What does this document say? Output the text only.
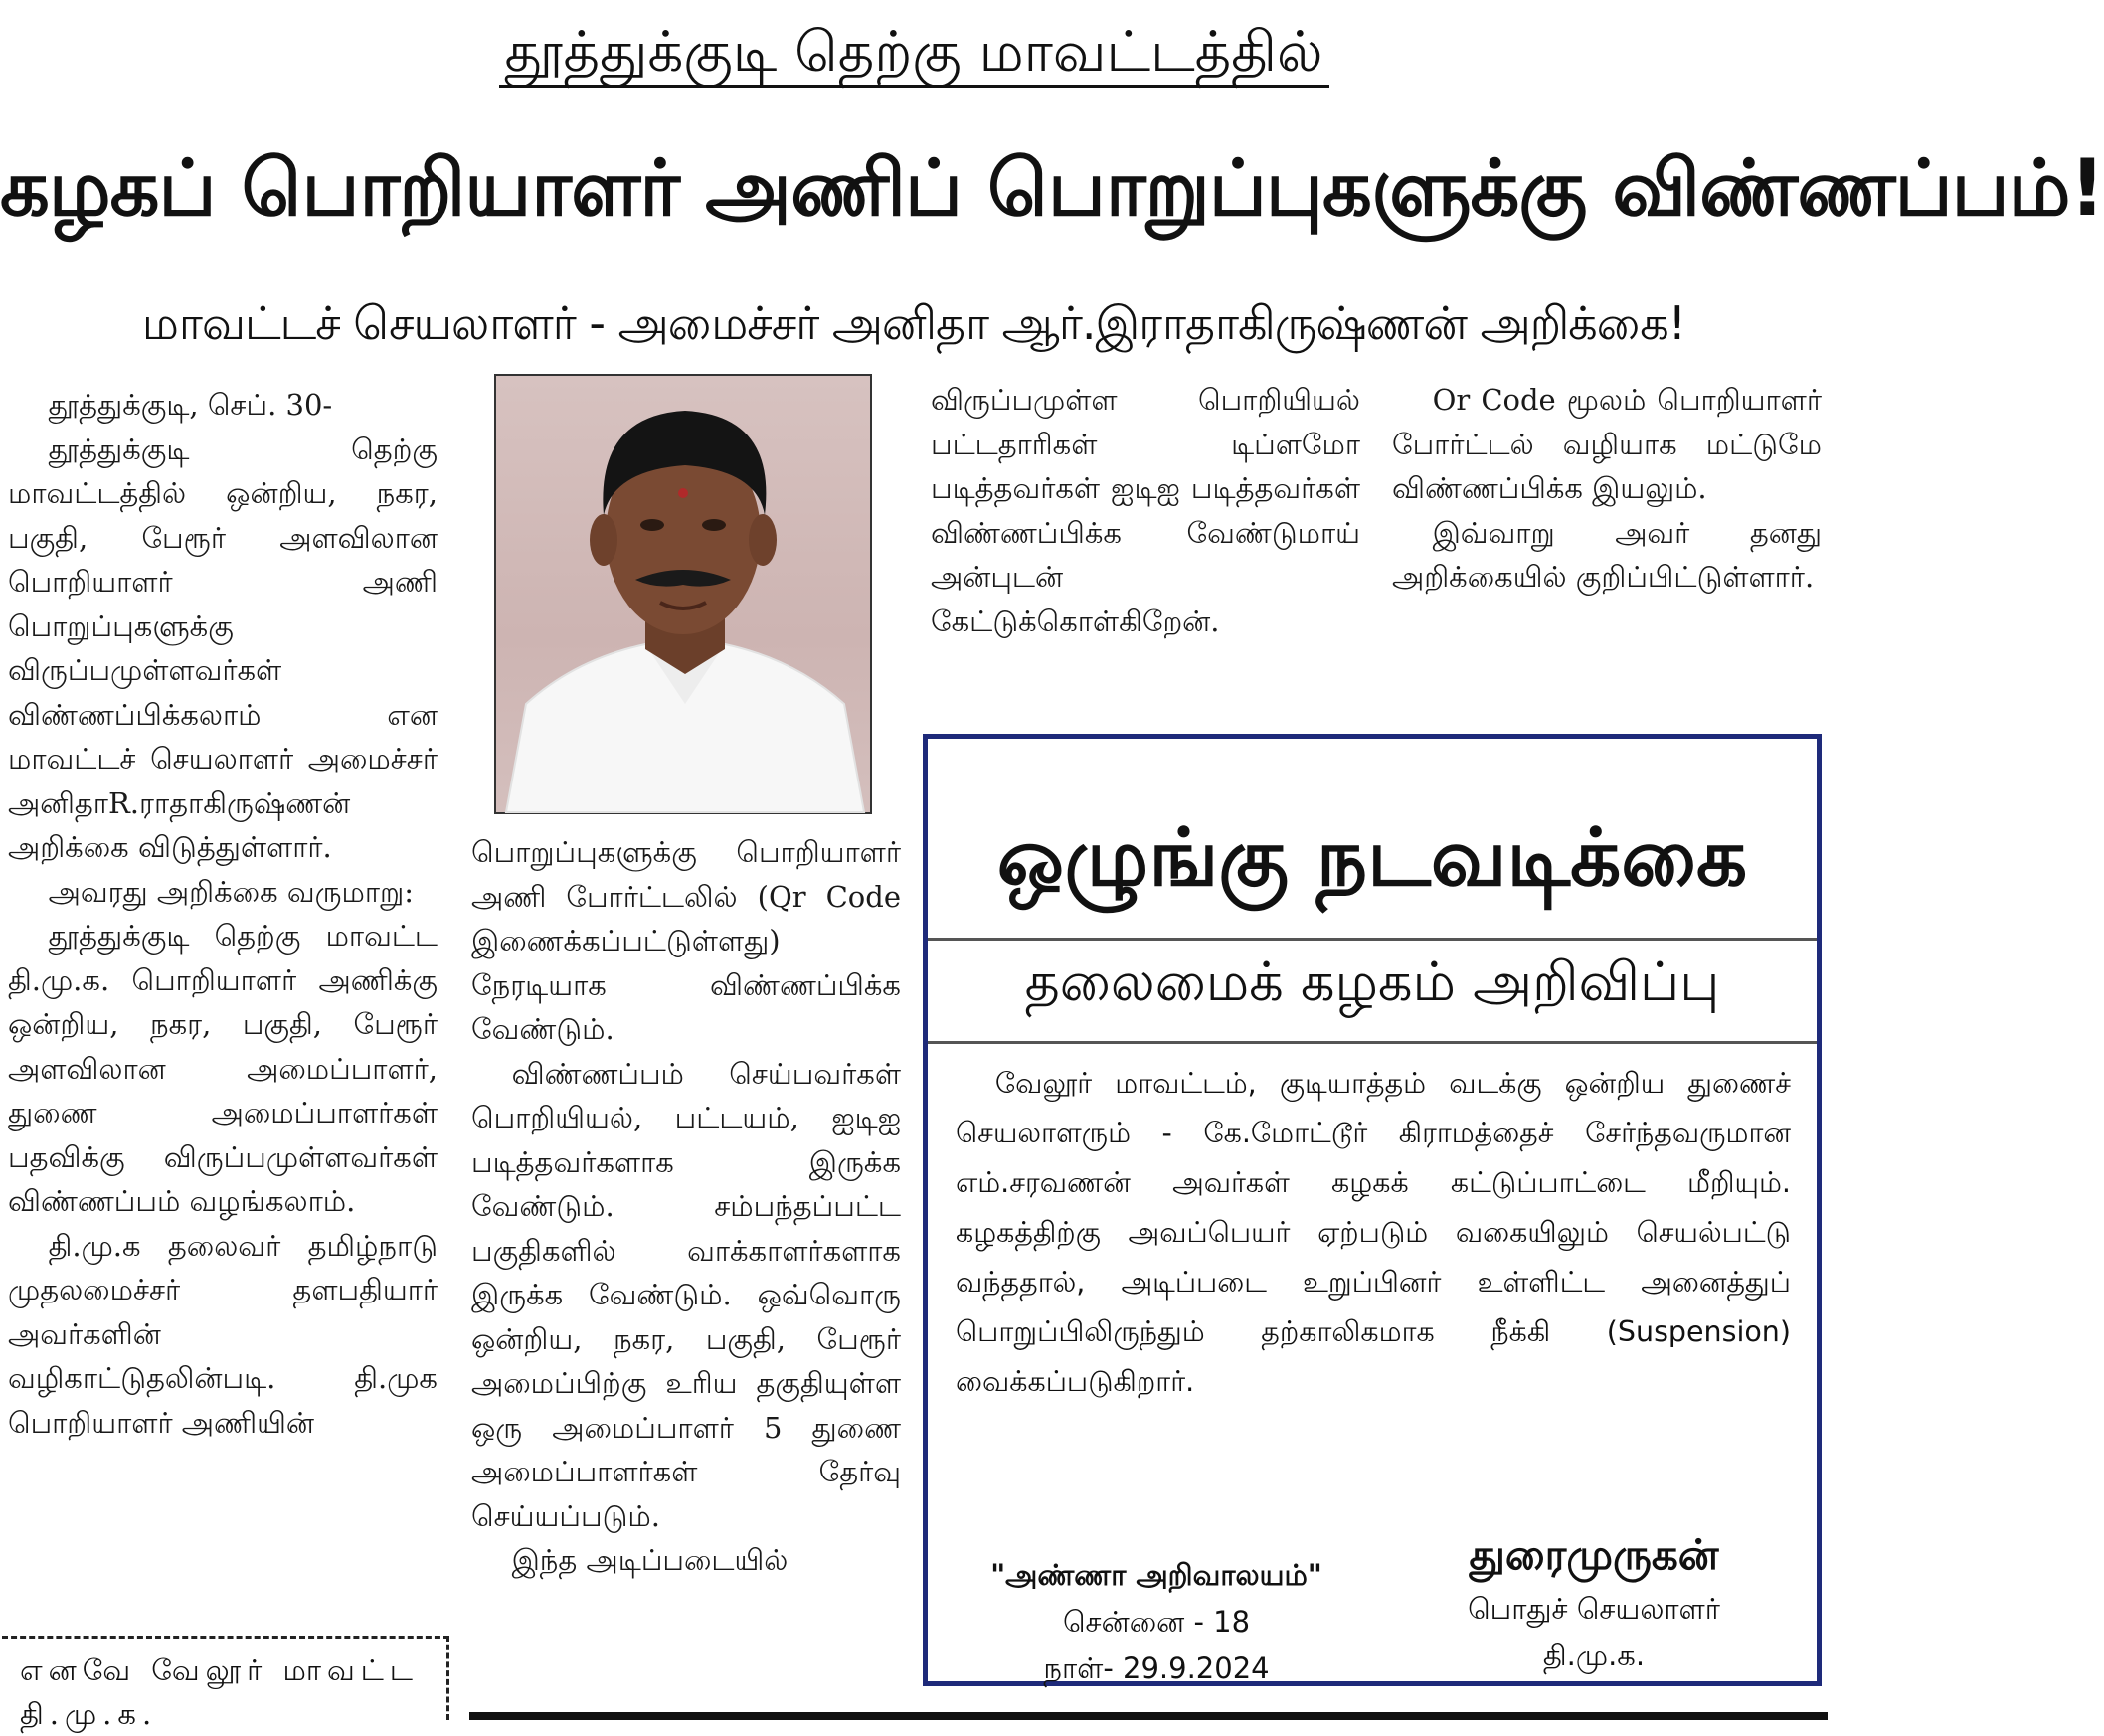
தூத்துக்குடி தெற்கு மாவட்டத்தில்
கழகப் பொறியாளர் அணிப் பொறுப்புகளுக்கு விண்ணப்பம்!
மாவட்டச் செயலாளர் - அமைச்சர் அனிதா ஆர்.இராதாகிருஷ்ணன் அறிக்கை!

தூத்துக்குடி, செப். 30-

தூத்துக்குடி தெற்கு மாவட்டத்தில் ஒன்றிய, நகர, பகுதி, பேரூர் அளவிலான பொறியாளர் அணி பொறுப்புகளுக்கு விருப்பமுள்ளவர்கள் விண்ணப்பிக்கலாம் என மாவட்டச் செயலாளர் அமைச்சர் அனிதாR.ராதாகிருஷ்ணன் அறிக்கை விடுத்துள்ளார்.

அவரது அறிக்கை வருமாறு:

தூத்துக்குடி தெற்கு மாவட்ட தி.மு.க. பொறியாளர் அணிக்கு ஒன்றிய, நகர, பகுதி, பேரூர் அளவிலான அமைப்பாளர், துணை அமைப்பாளர்கள் பதவிக்கு விருப்பமுள்ளவர்கள் விண்ணப்பம் வழங்கலாம்.

தி.மு.க தலைவர் தமிழ்நாடு முதலமைச்சர் தளபதியார் அவர்களின் வழிகாட்டுதலின்படி. தி.முக பொறியாளர் அணியின்

பொறுப்புகளுக்கு பொறியாளர் அணி போர்ட்டலில் (Qr Code இணைக்கப்பட்டுள்ளது) நேரடியாக விண்ணப்பிக்க வேண்டும்.

விண்ணப்பம் செய்பவர்கள் பொறியியல், பட்டயம், ஐடிஐ படித்தவர்களாக இருக்க வேண்டும். சம்பந்தப்பட்ட பகுதிகளில் வாக்காளர்களாக இருக்க வேண்டும். ஒவ்வொரு ஒன்றிய, நகர, பகுதி, பேரூர் அமைப்பிற்கு உரிய தகுதியுள்ள ஒரு அமைப்பாளர் 5 துணை அமைப்பாளர்கள் தேர்வு செய்யப்படும்.

இந்த அடிப்படையில்

விருப்பமுள்ள பொறியியல் பட்டதாரிகள் டிப்ளமோ படித்தவர்கள் ஐடிஐ படித்தவர்கள் விண்ணப்பிக்க வேண்டுமாய் அன்புடன் கேட்டுக்கொள்கிறேன்.

Or Code மூலம் பொறியாளர் போர்ட்டல் வழியாக மட்டுமே விண்ணப்பிக்க இயலும்.

இவ்வாறு அவர் தனது அறிக்கையில் குறிப்பிட்டுள்ளார்.

எனவே வேலூர் மாவட்ட தி.மு.க.
ஒழுங்கு நடவடிக்கை
தலைமைக் கழகம் அறிவிப்பு
வேலூர் மாவட்டம், குடியாத்தம் வடக்கு ஒன்றிய துணைச் செயலாளரும் - கே.மோட்டூர் கிராமத்தைச் சேர்ந்தவருமான எம்.சரவணன் அவர்கள் கழகக் கட்டுப்பாட்டை மீறியும். கழகத்திற்கு அவப்பெயர் ஏற்படும் வகையிலும் செயல்பட்டு வந்ததால், அடிப்படை உறுப்பினர் உள்ளிட்ட அனைத்துப் பொறுப்பிலிருந்தும் தற்காலிகமாக நீக்கி (Suspension) வைக்கப்படுகிறார்.
"அண்ணா அறிவாலயம்"
சென்னை - 18
நாள்- 29.9.2024
துரைமுருகன்
பொதுச் செயலாளர்
தி.மு.க.
